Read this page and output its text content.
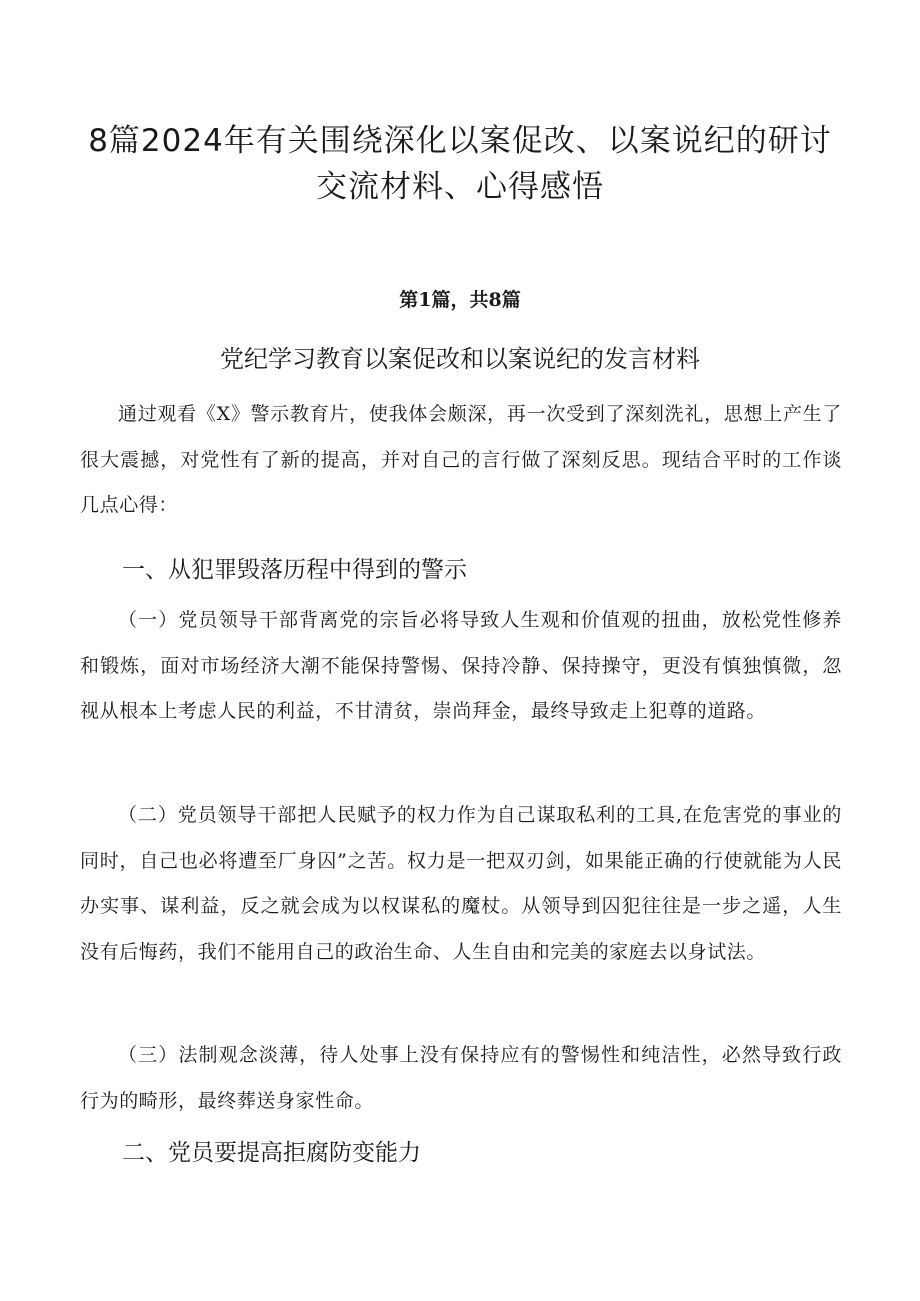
8篇2024年有关围绕深化以案促改、以案说纪的研讨交流材料、心得感悟
第1篇，共8篇
党纪学习教育以案促改和以案说纪的发言材料

通过观看《X》警示教育片，使我体会颇深，再一次受到了深刻洗礼，思想上产生了很大震撼，对党性有了新的提高，并对自己的言行做了深刻反思。现结合平时的工作谈几点心得：

一、从犯罪毁落历程中得到的警示

（一）党员领导干部背离党的宗旨必将导致人生观和价值观的扭曲，放松党性修养和锻炼，面对市场经济大潮不能保持警惕、保持冷静、保持操守，更没有慎独慎微，忽视从根本上考虑人民的利益，不甘清贫，崇尚拜金，最终导致走上犯尊的道路。

（二）党员领导干部把人民赋予的权力作为自己谋取私利的工具,在危害党的事业的同时，自己也必将遭至厂身囚”之苦。权力是一把双刃剑，如果能正确的行使就能为人民办实事、谋利益，反之就会成为以权谋私的魔杖。从领导到囚犯往往是一步之遥，人生没有后悔药，我们不能用自己的政治生命、人生自由和完美的家庭去以身试法。

（三）法制观念淡薄，待人处事上没有保持应有的警惕性和纯洁性，必然导致行政行为的畸形，最终葬送身家性命。

二、党员要提高拒腐防变能力
